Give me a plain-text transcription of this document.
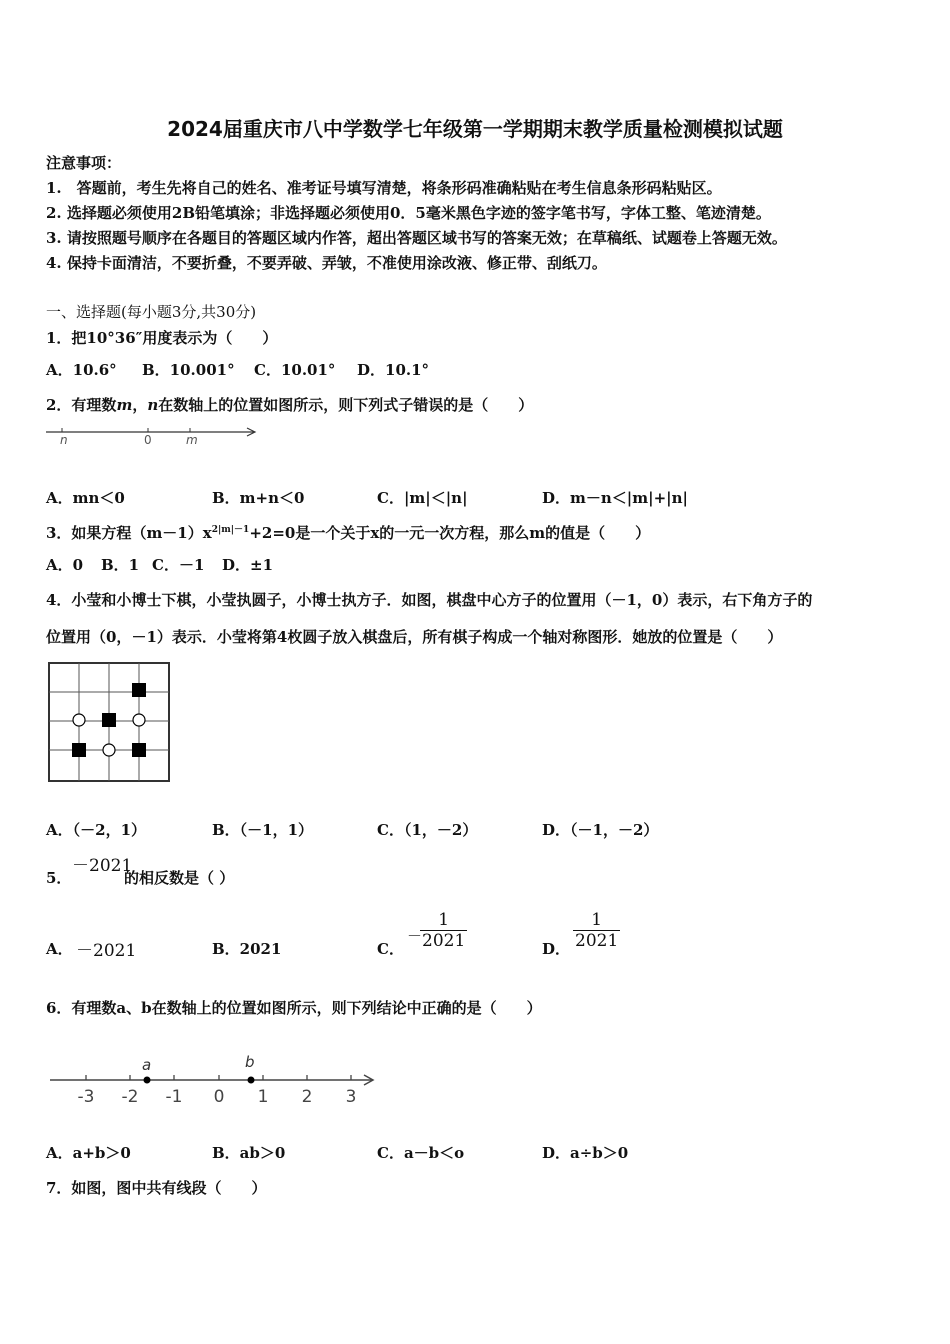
2024届重庆市八中学数学七年级第一学期期末教学质量检测模拟试题
注意事项：
1.　答题前，考生先将自己的姓名、准考证号填写清楚，将条形码准确粘贴在考生信息条形码粘贴区。
2. 选择题必须使用2B铅笔填涂；非选择题必须使用0．5毫米黑色字迹的签字笔书写，字体工整、笔迹清楚。
3. 请按照题号顺序在各题目的答题区域内作答，超出答题区域书写的答案无效；在草稿纸、试题卷上答题无效。
4. 保持卡面清洁，不要折叠，不要弄破、弄皱，不准使用涂改液、修正带、刮纸刀。
一、选择题(每小题3分,共30分)
1．把10°36″用度表示为（　　）
A．10.6° B．10.001° C．10.01° D．10.1°
2．有理数m，n在数轴上的位置如图所示，则下列式子错误的是（　　）
n	0	m
A．mn＜0	B．m+n＜0	C．|m|＜|n|	D．m－n＜|m|+|n|
3．如果方程$(m-1)x^{2|m|-1}+2=0$是一个关于x的一元一次方程，那么m的值是（　　）
A．0 B．1 C．－1 D．±1
4．小莹和小博士下棋，小莹执圆子，小博士执方子．如图，棋盘中心方子的位置用（－1，0）表示，右下角方子的
位置用（0，－1）表示．小莹将第4枚圆子放入棋盘后，所有棋子构成一个轴对称图形．她放的位置是（　　）
A．（－2，1）	B．（－1，1）	C．（1，－2）	D．（－1，－2）
5．
－2021
的相反数是（ ）
A． －2021	B．2021	C．
－
$\frac{1}{2021}$	D． $\frac{1}{2021}$
6．有理数a、b在数轴上的位置如图所示，则下列结论中正确的是（　　）
a	b
-3 -2 -1 0 1 2 3
A．a+b＞0	B．ab＞0	C．a－b＜o	D．a÷b＞0
7．如图，图中共有线段（　　）
